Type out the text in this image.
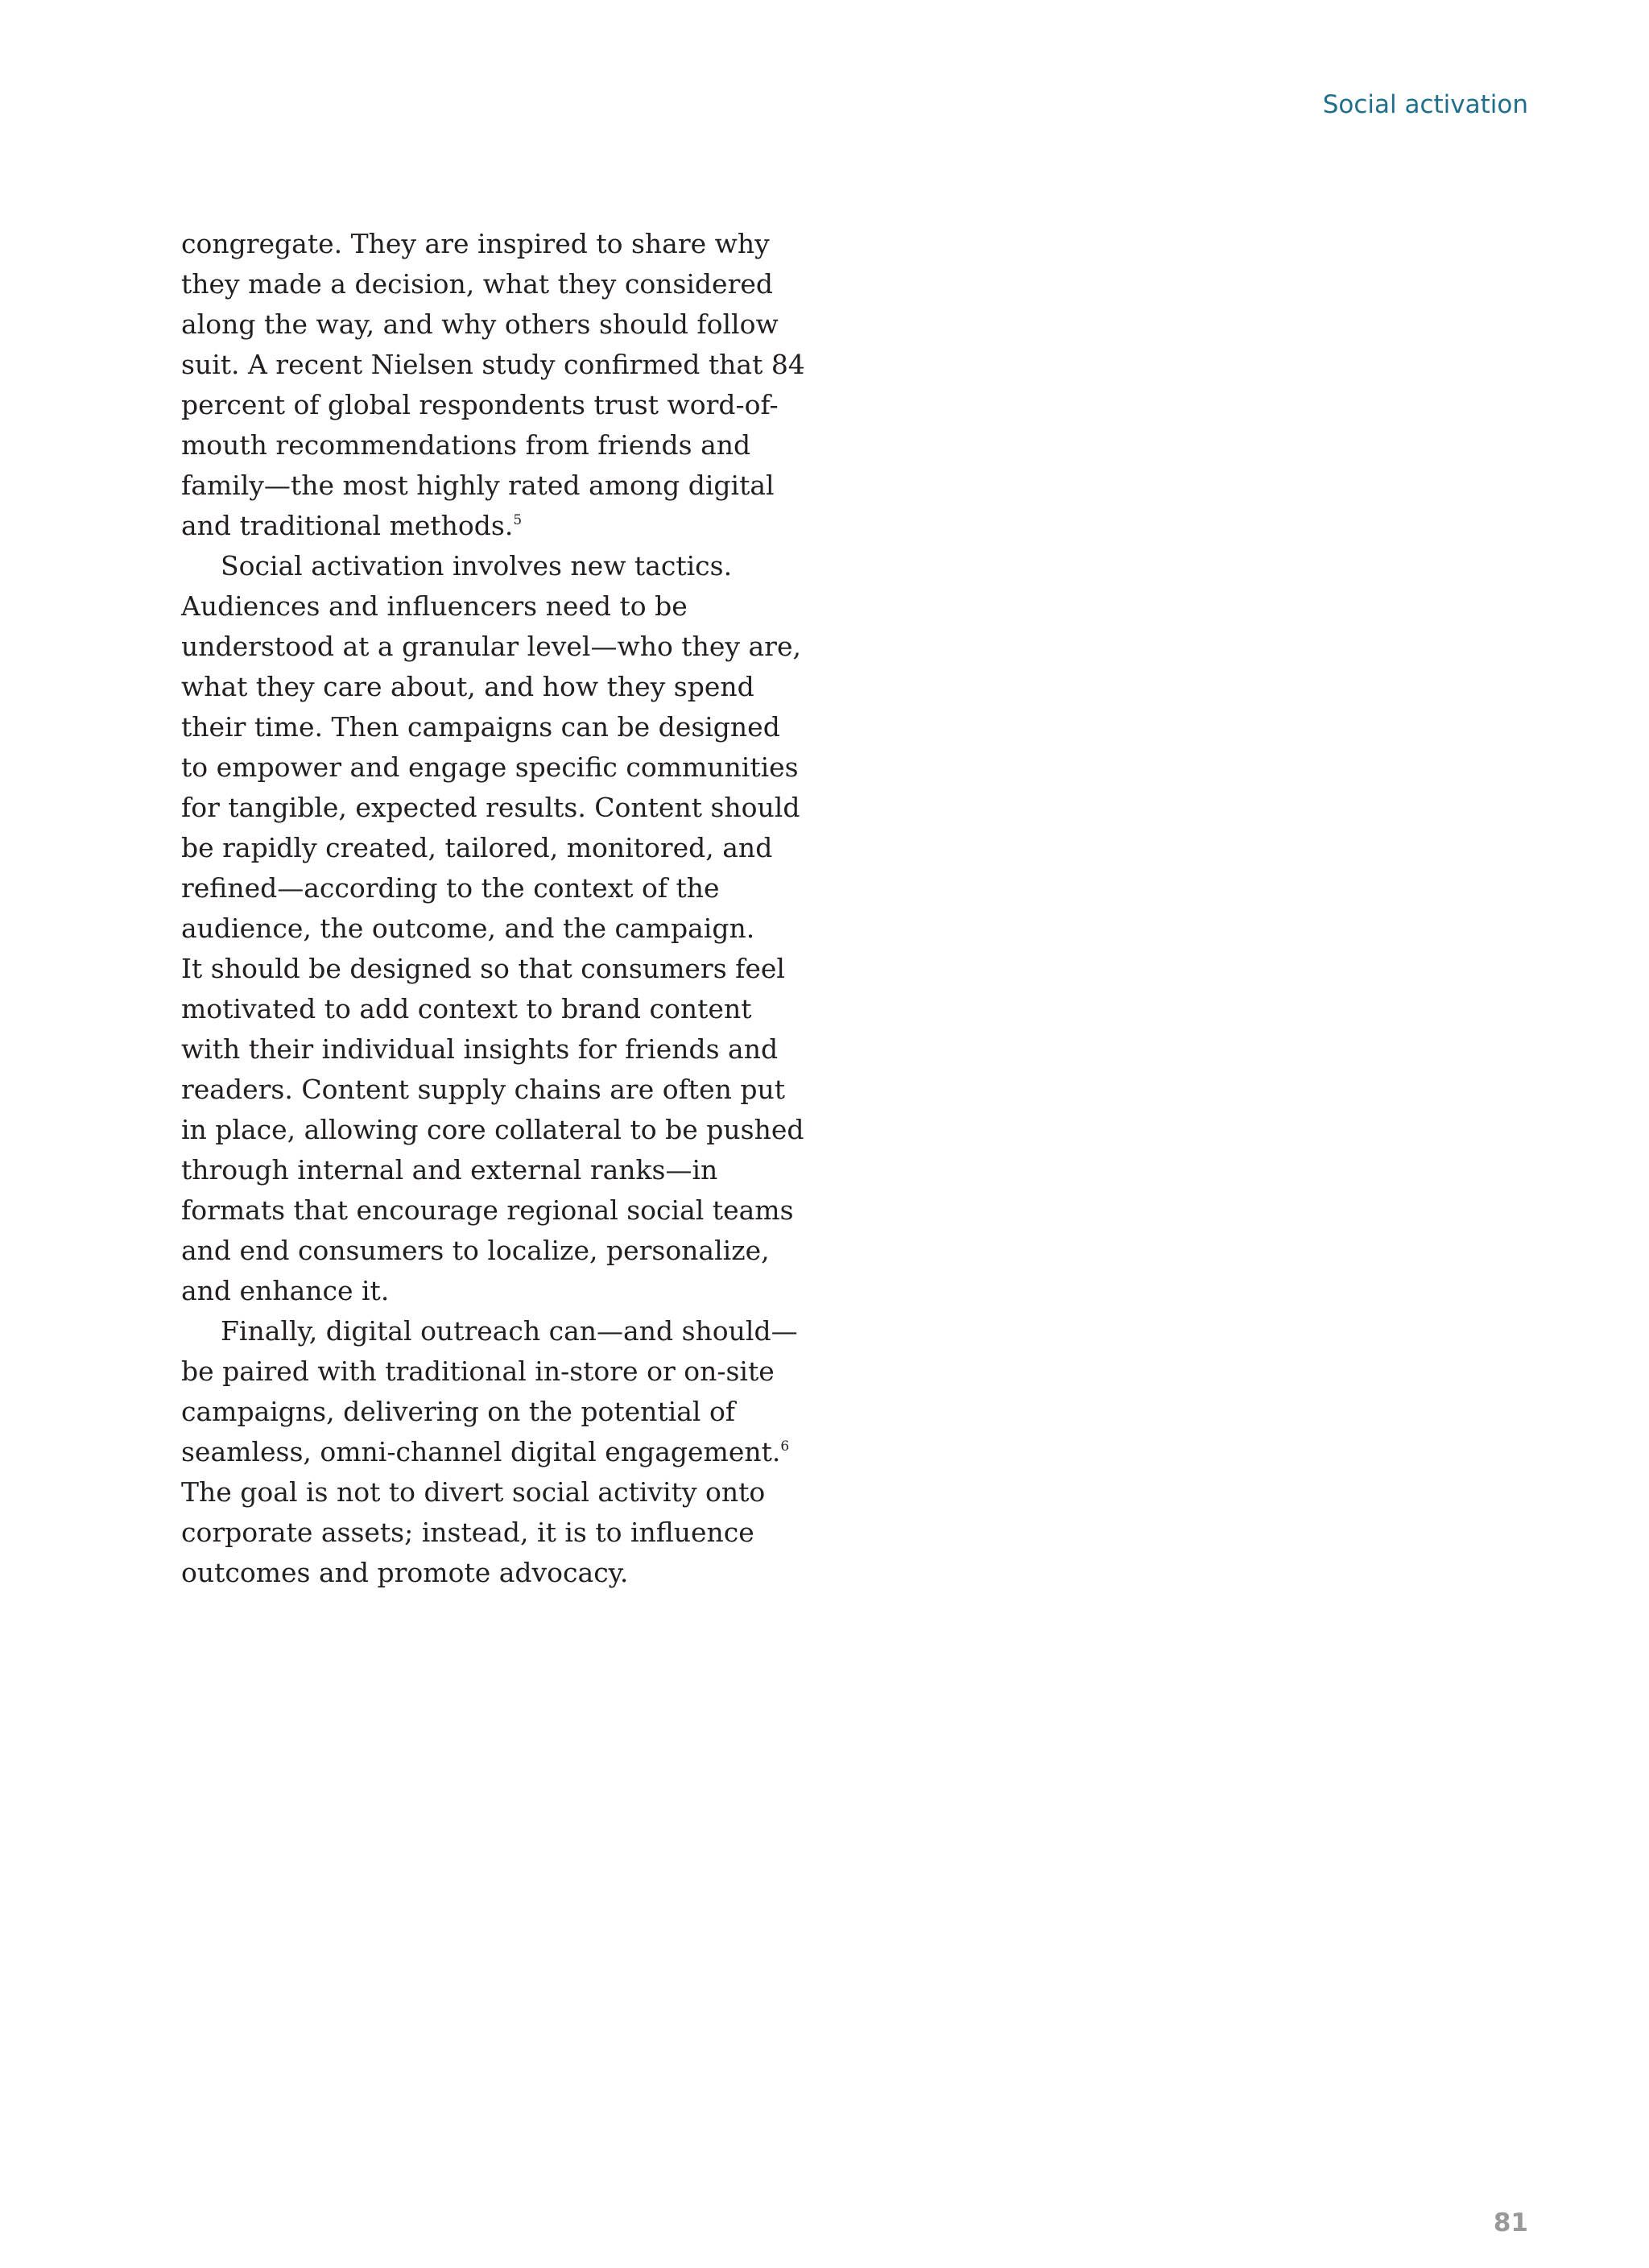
Social activation

congregate. They are inspired to share why
they made a decision, what they considered
along the way, and why others should follow
suit. A recent Nielsen study confirmed that 84
percent of global respondents trust word-of-
mouth recommendations from friends and
family—the most highly rated among digital
and traditional methods.$^5$

Social activation involves new tactics.
Audiences and influencers need to be
understood at a granular level—who they are,
what they care about, and how they spend
their time. Then campaigns can be designed
to empower and engage specific communities
for tangible, expected results. Content should
be rapidly created, tailored, monitored, and
refined—according to the context of the
audience, the outcome, and the campaign.
It should be designed so that consumers feel
motivated to add context to brand content
with their individual insights for friends and
readers. Content supply chains are often put
in place, allowing core collateral to be pushed
through internal and external ranks—in
formats that encourage regional social teams
and end consumers to localize, personalize,
and enhance it.

Finally, digital outreach can—and should—
be paired with traditional in-store or on-site
campaigns, delivering on the potential of
seamless, omni-channel digital engagement.$^6$
The goal is not to divert social activity onto
corporate assets; instead, it is to influence
outcomes and promote advocacy.

81
